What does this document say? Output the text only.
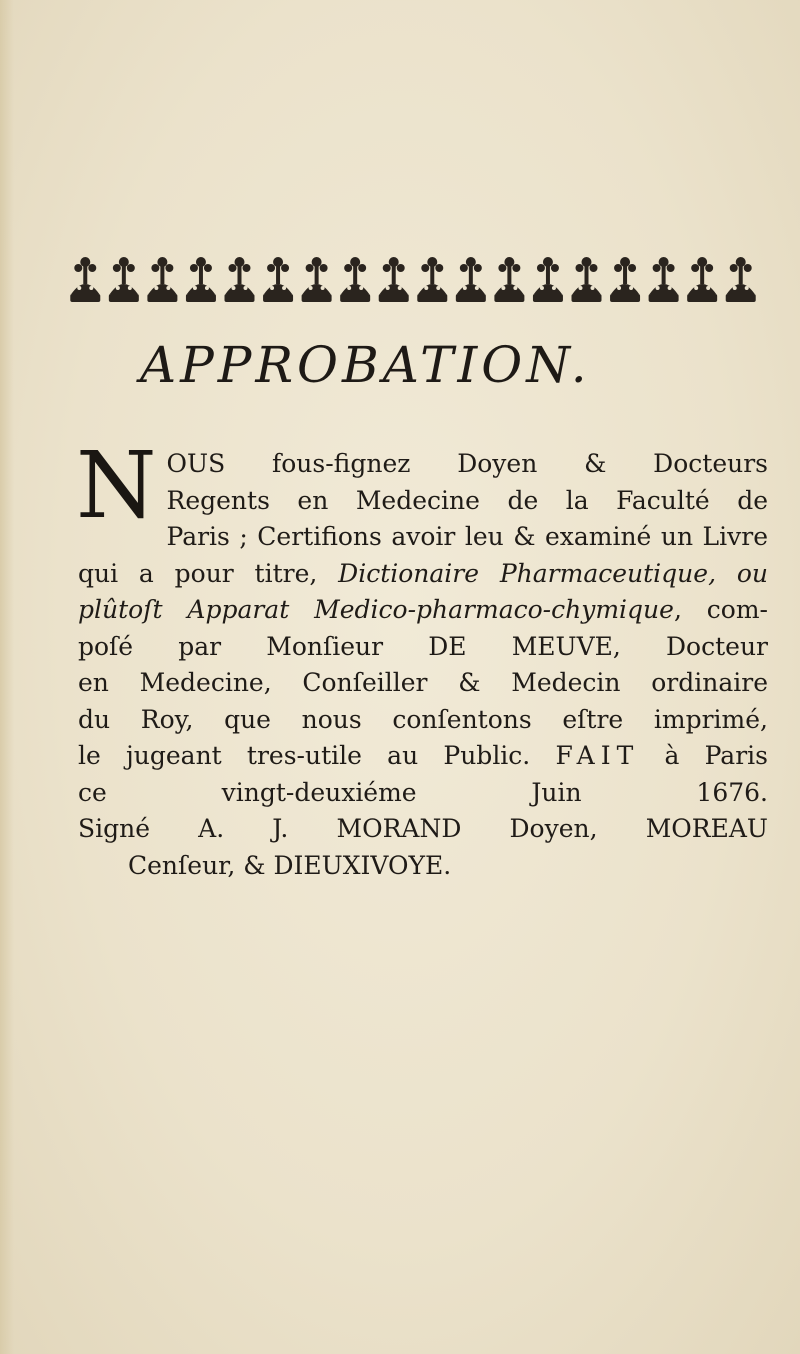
APPROBATION.
N OUS fous-fignez Doyen & Docteurs
Regents en Medecine de la Faculté de
Paris ; Certifions avoir leu & examiné un Livre
qui a pour titre, Dictionaire Pharmaceutique, ou
plûtoſt Apparat Medico-pharmaco-chymique, com-
poſé par Monſieur DE MEUVE, Docteur
en Medecine, Conſeiller & Medecin ordinaire
du Roy, que nous conſentons eſtre imprimé,
le jugeant tres-utile au Public. FAIT à Paris
ce vingt-deuxiéme Juin 1676.
Signé A. J. MORAND Doyen, MOREAU
Cenſeur, & DIEUXIVOYE.
